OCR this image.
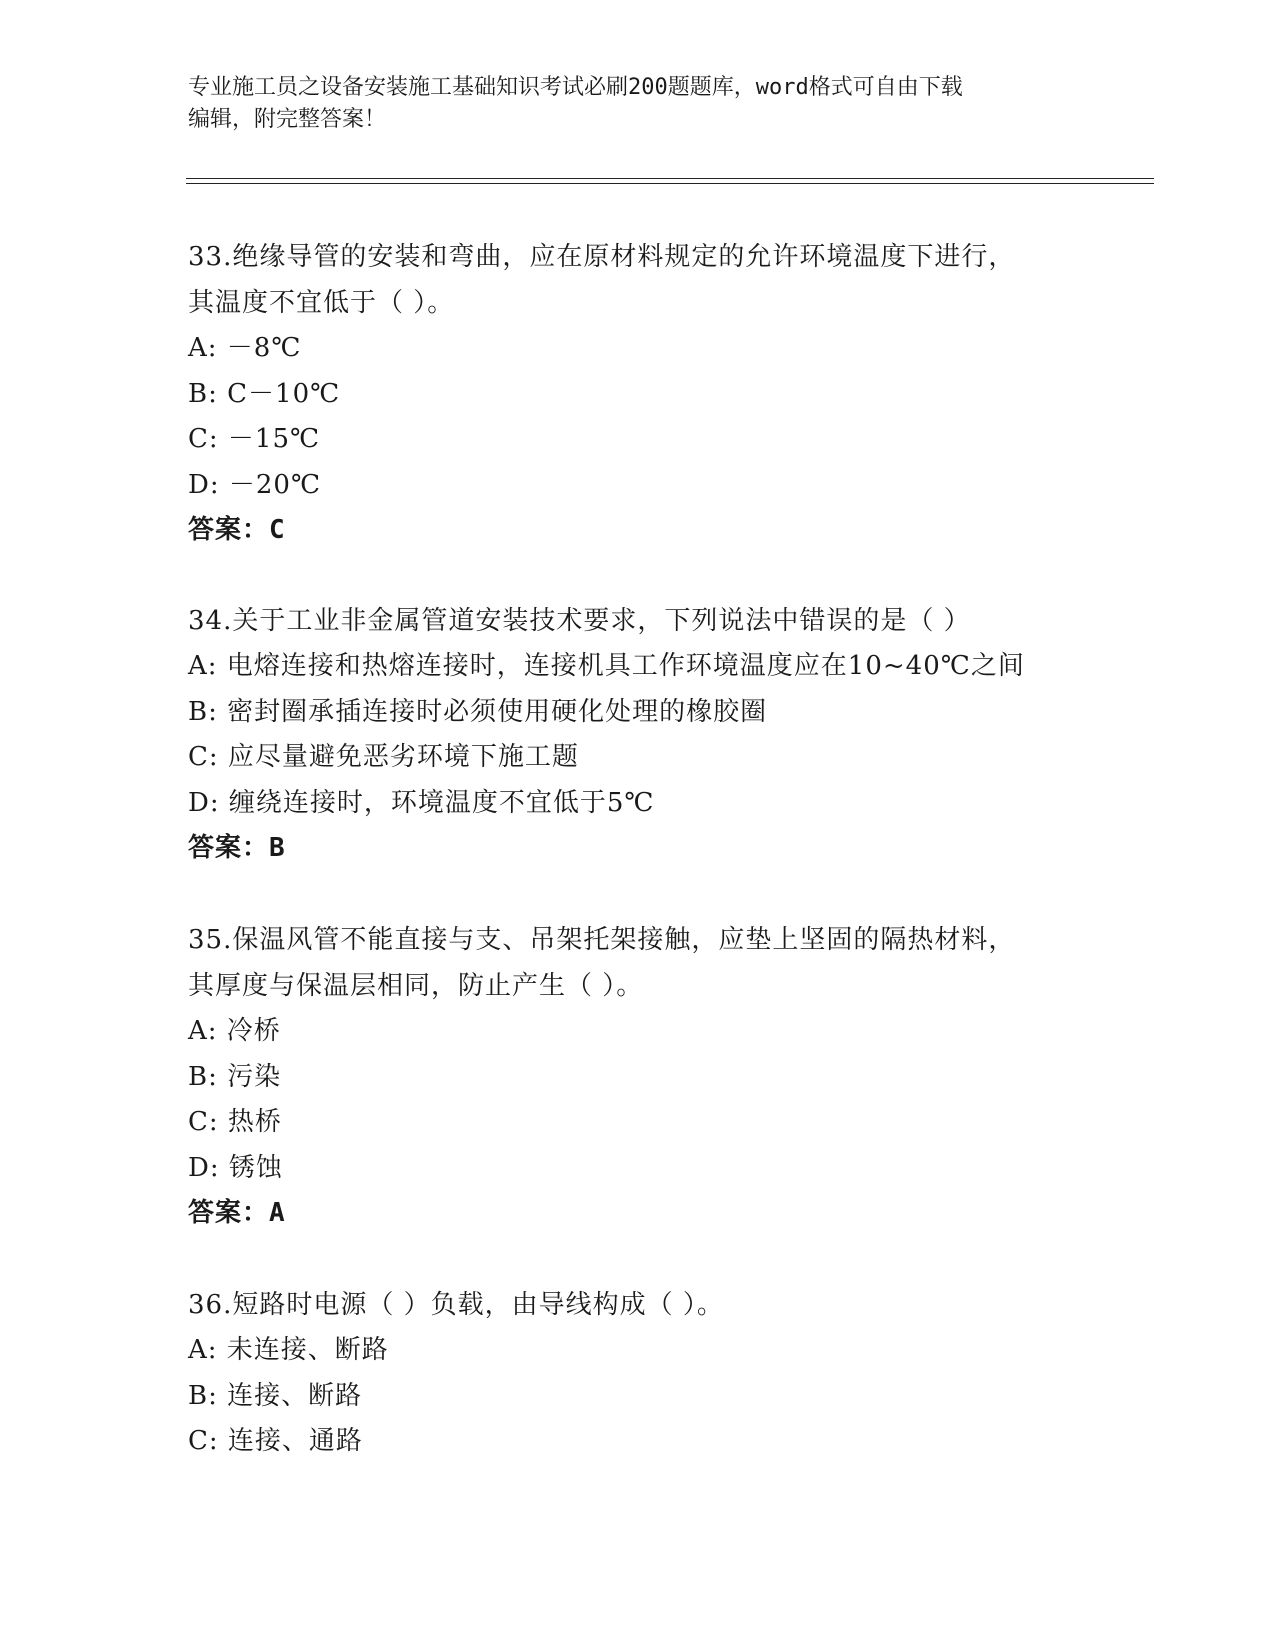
专业施工员之设备安装施工基础知识考试必刷200题题库，word格式可自由下载
编辑，附完整答案！

33.绝缘导管的安装和弯曲，应在原材料规定的允许环境温度下进行，
其温度不宜低于（ ）。

A: －8℃

B: C－10℃

C: －15℃

D: －20℃

答案：C

34.关于工业非金属管道安装技术要求，下列说法中错误的是（ ）

A: 电熔连接和热熔连接时，连接机具工作环境温度应在10~40℃之间

B: 密封圈承插连接时必须使用硬化处理的橡胶圈

C: 应尽量避免恶劣环境下施工题

D: 缠绕连接时，环境温度不宜低于5℃

答案：B

35.保温风管不能直接与支、吊架托架接触，应垫上坚固的隔热材料，
其厚度与保温层相同，防止产生（ ）。

A: 冷桥

B: 污染

C: 热桥

D: 锈蚀

答案：A

36.短路时电源（ ）负载，由导线构成（ ）。

A: 未连接、断路

B: 连接、断路

C: 连接、通路
